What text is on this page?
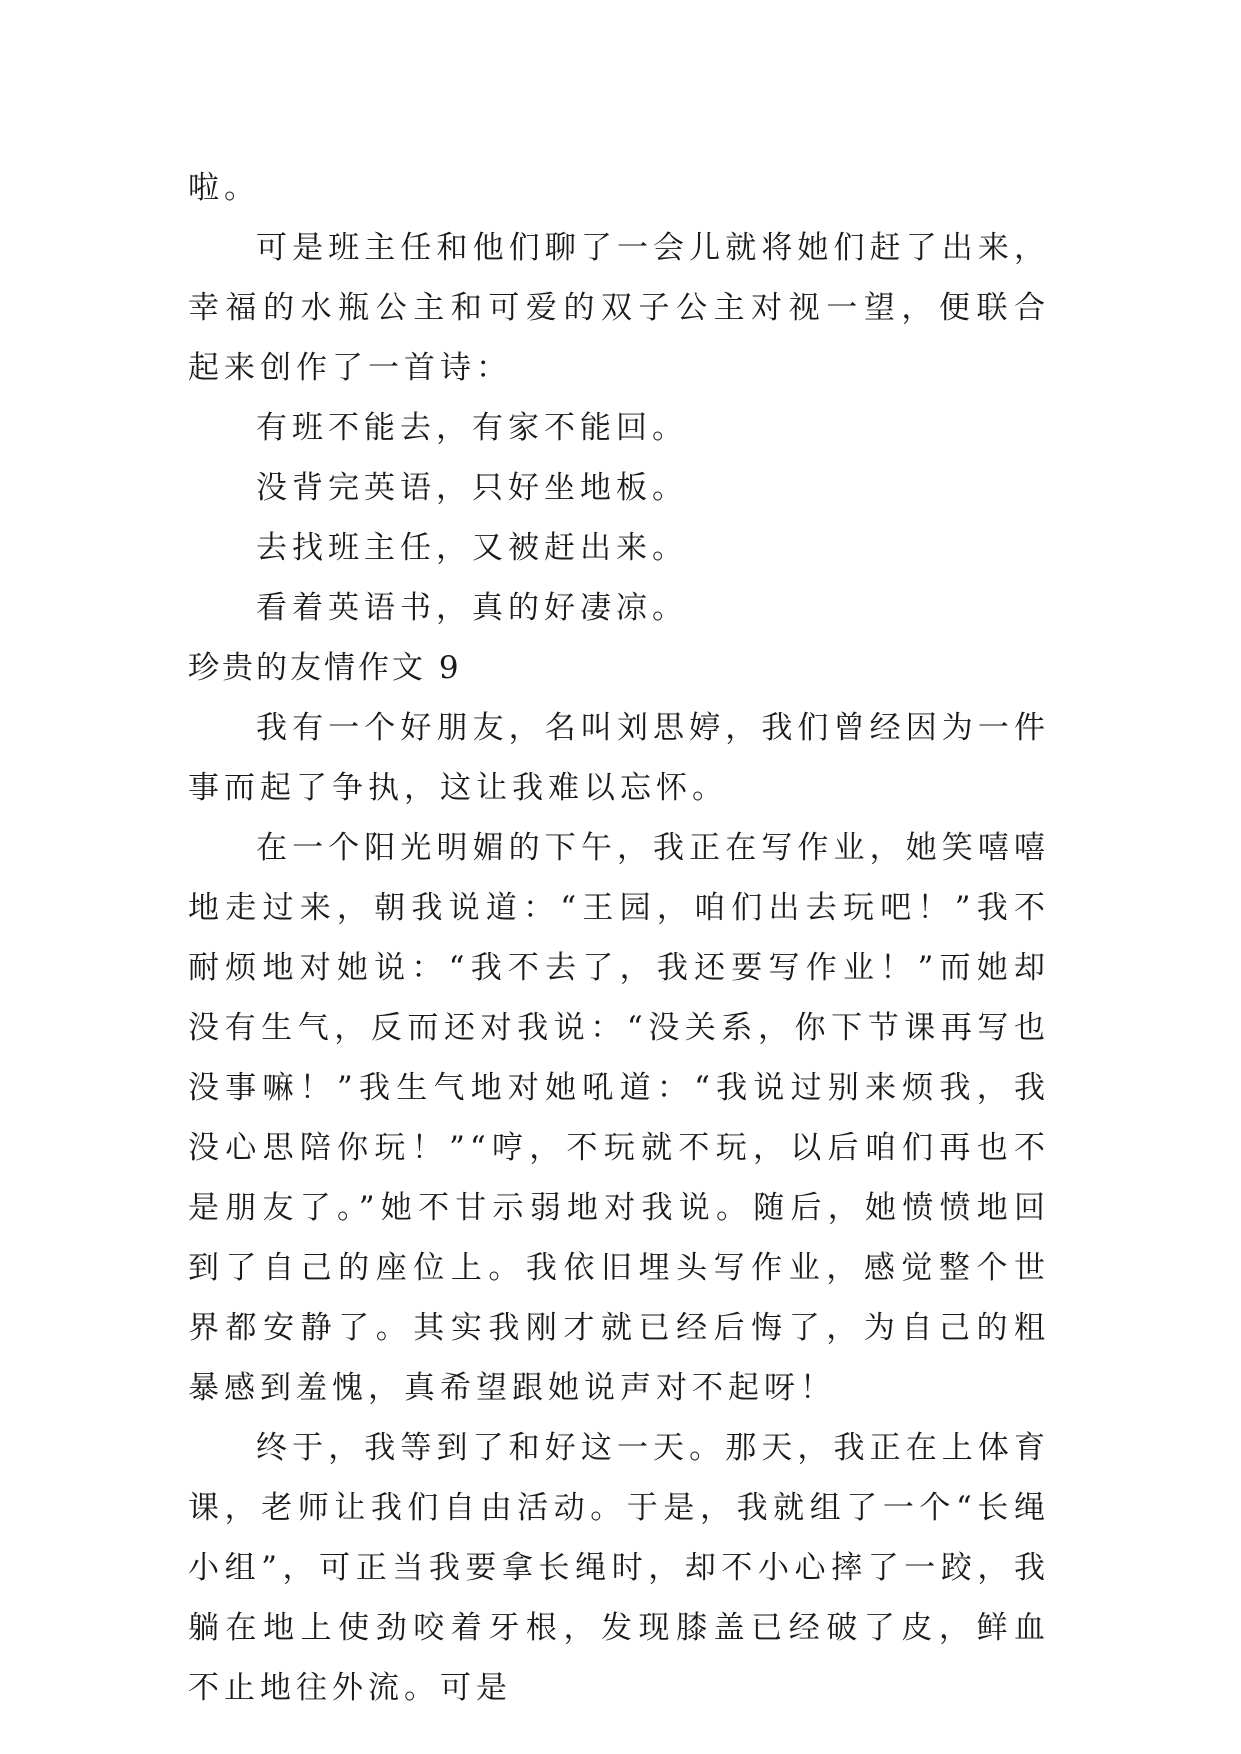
啦。

可是班主任和他们聊了一会儿就将她们赶了出来，幸福的水瓶公主和可爱的双子公主对视一望，便联合起来创作了一首诗：

有班不能去，有家不能回。

没背完英语，只好坐地板。

去找班主任，又被赶出来。

看着英语书，真的好凄凉。

珍贵的友情作文 9

我有一个好朋友，名叫刘思婷，我们曾经因为一件事而起了争执，这让我难以忘怀。

在一个阳光明媚的下午，我正在写作业，她笑嘻嘻地走过来，朝我说道：“王园，咱们出去玩吧！”我不耐烦地对她说：“我不去了，我还要写作业！”而她却没有生气，反而还对我说：“没关系，你下节课再写也没事嘛！”我生气地对她吼道：“我说过别来烦我，我没心思陪你玩！”“哼，不玩就不玩，以后咱们再也不是朋友了。”她不甘示弱地对我说。随后，她愤愤地回到了自己的座位上。我依旧埋头写作业，感觉整个世界都安静了。其实我刚才就已经后悔了，为自己的粗暴感到羞愧，真希望跟她说声对不起呀！

终于，我等到了和好这一天。那天，我正在上体育课，老师让我们自由活动。于是，我就组了一个“长绳小组”，可正当我要拿长绳时，却不小心摔了一跤，我躺在地上使劲咬着牙根，发现膝盖已经破了皮，鲜血不止地往外流。可是
